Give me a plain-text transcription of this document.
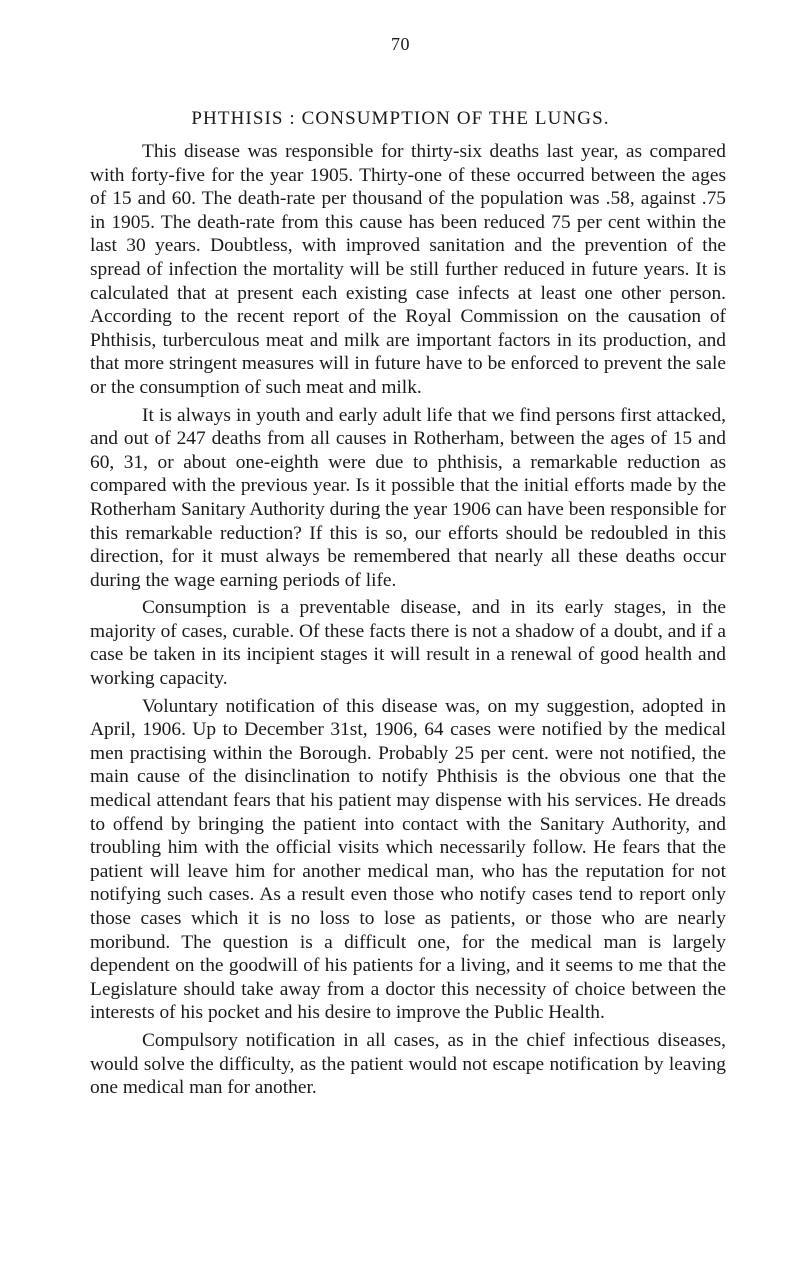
70
PHTHISIS : CONSUMPTION OF THE LUNGS.

This disease was responsible for thirty-six deaths last year, as compared with forty-five for the year 1905. Thirty-one of these occurred between the ages of 15 and 60. The death-rate per thousand of the population was .58, against .75 in 1905. The death-rate from this cause has been reduced 75 per cent within the last 30 years. Doubtless, with improved sanitation and the prevention of the spread of infection the mortality will be still further reduced in future years. It is calculated that at present each existing case infects at least one other person. According to the recent report of the Royal Commission on the causation of Phthisis, turberculous meat and milk are important factors in its production, and that more stringent measures will in future have to be enforced to prevent the sale or the consumption of such meat and milk.

It is always in youth and early adult life that we find persons first attacked, and out of 247 deaths from all causes in Rotherham, between the ages of 15 and 60, 31, or about one-eighth were due to phthisis, a remarkable reduction as compared with the previous year. Is it possible that the initial efforts made by the Rotherham Sanitary Authority during the year 1906 can have been responsible for this remarkable reduction? If this is so, our efforts should be redoubled in this direction, for it must always be remembered that nearly all these deaths occur during the wage earning periods of life.

Consumption is a preventable disease, and in its early stages, in the majority of cases, curable. Of these facts there is not a shadow of a doubt, and if a case be taken in its incipient stages it will result in a renewal of good health and working capacity.

Voluntary notification of this disease was, on my suggestion, adopted in April, 1906. Up to December 31st, 1906, 64 cases were notified by the medical men practising within the Borough. Probably 25 per cent. were not notified, the main cause of the disinclination to notify Phthisis is the obvious one that the medical attendant fears that his patient may dispense with his services. He dreads to offend by bringing the patient into contact with the Sanitary Authority, and troubling him with the official visits which necessarily follow. He fears that the patient will leave him for another medical man, who has the reputation for not notifying such cases. As a result even those who notify cases tend to report only those cases which it is no loss to lose as patients, or those who are nearly moribund. The question is a difficult one, for the medical man is largely dependent on the goodwill of his patients for a living, and it seems to me that the Legislature should take away from a doctor this necessity of choice between the interests of his pocket and his desire to improve the Public Health.

Compulsory notification in all cases, as in the chief infectious diseases, would solve the difficulty, as the patient would not escape notification by leaving one medical man for another.
